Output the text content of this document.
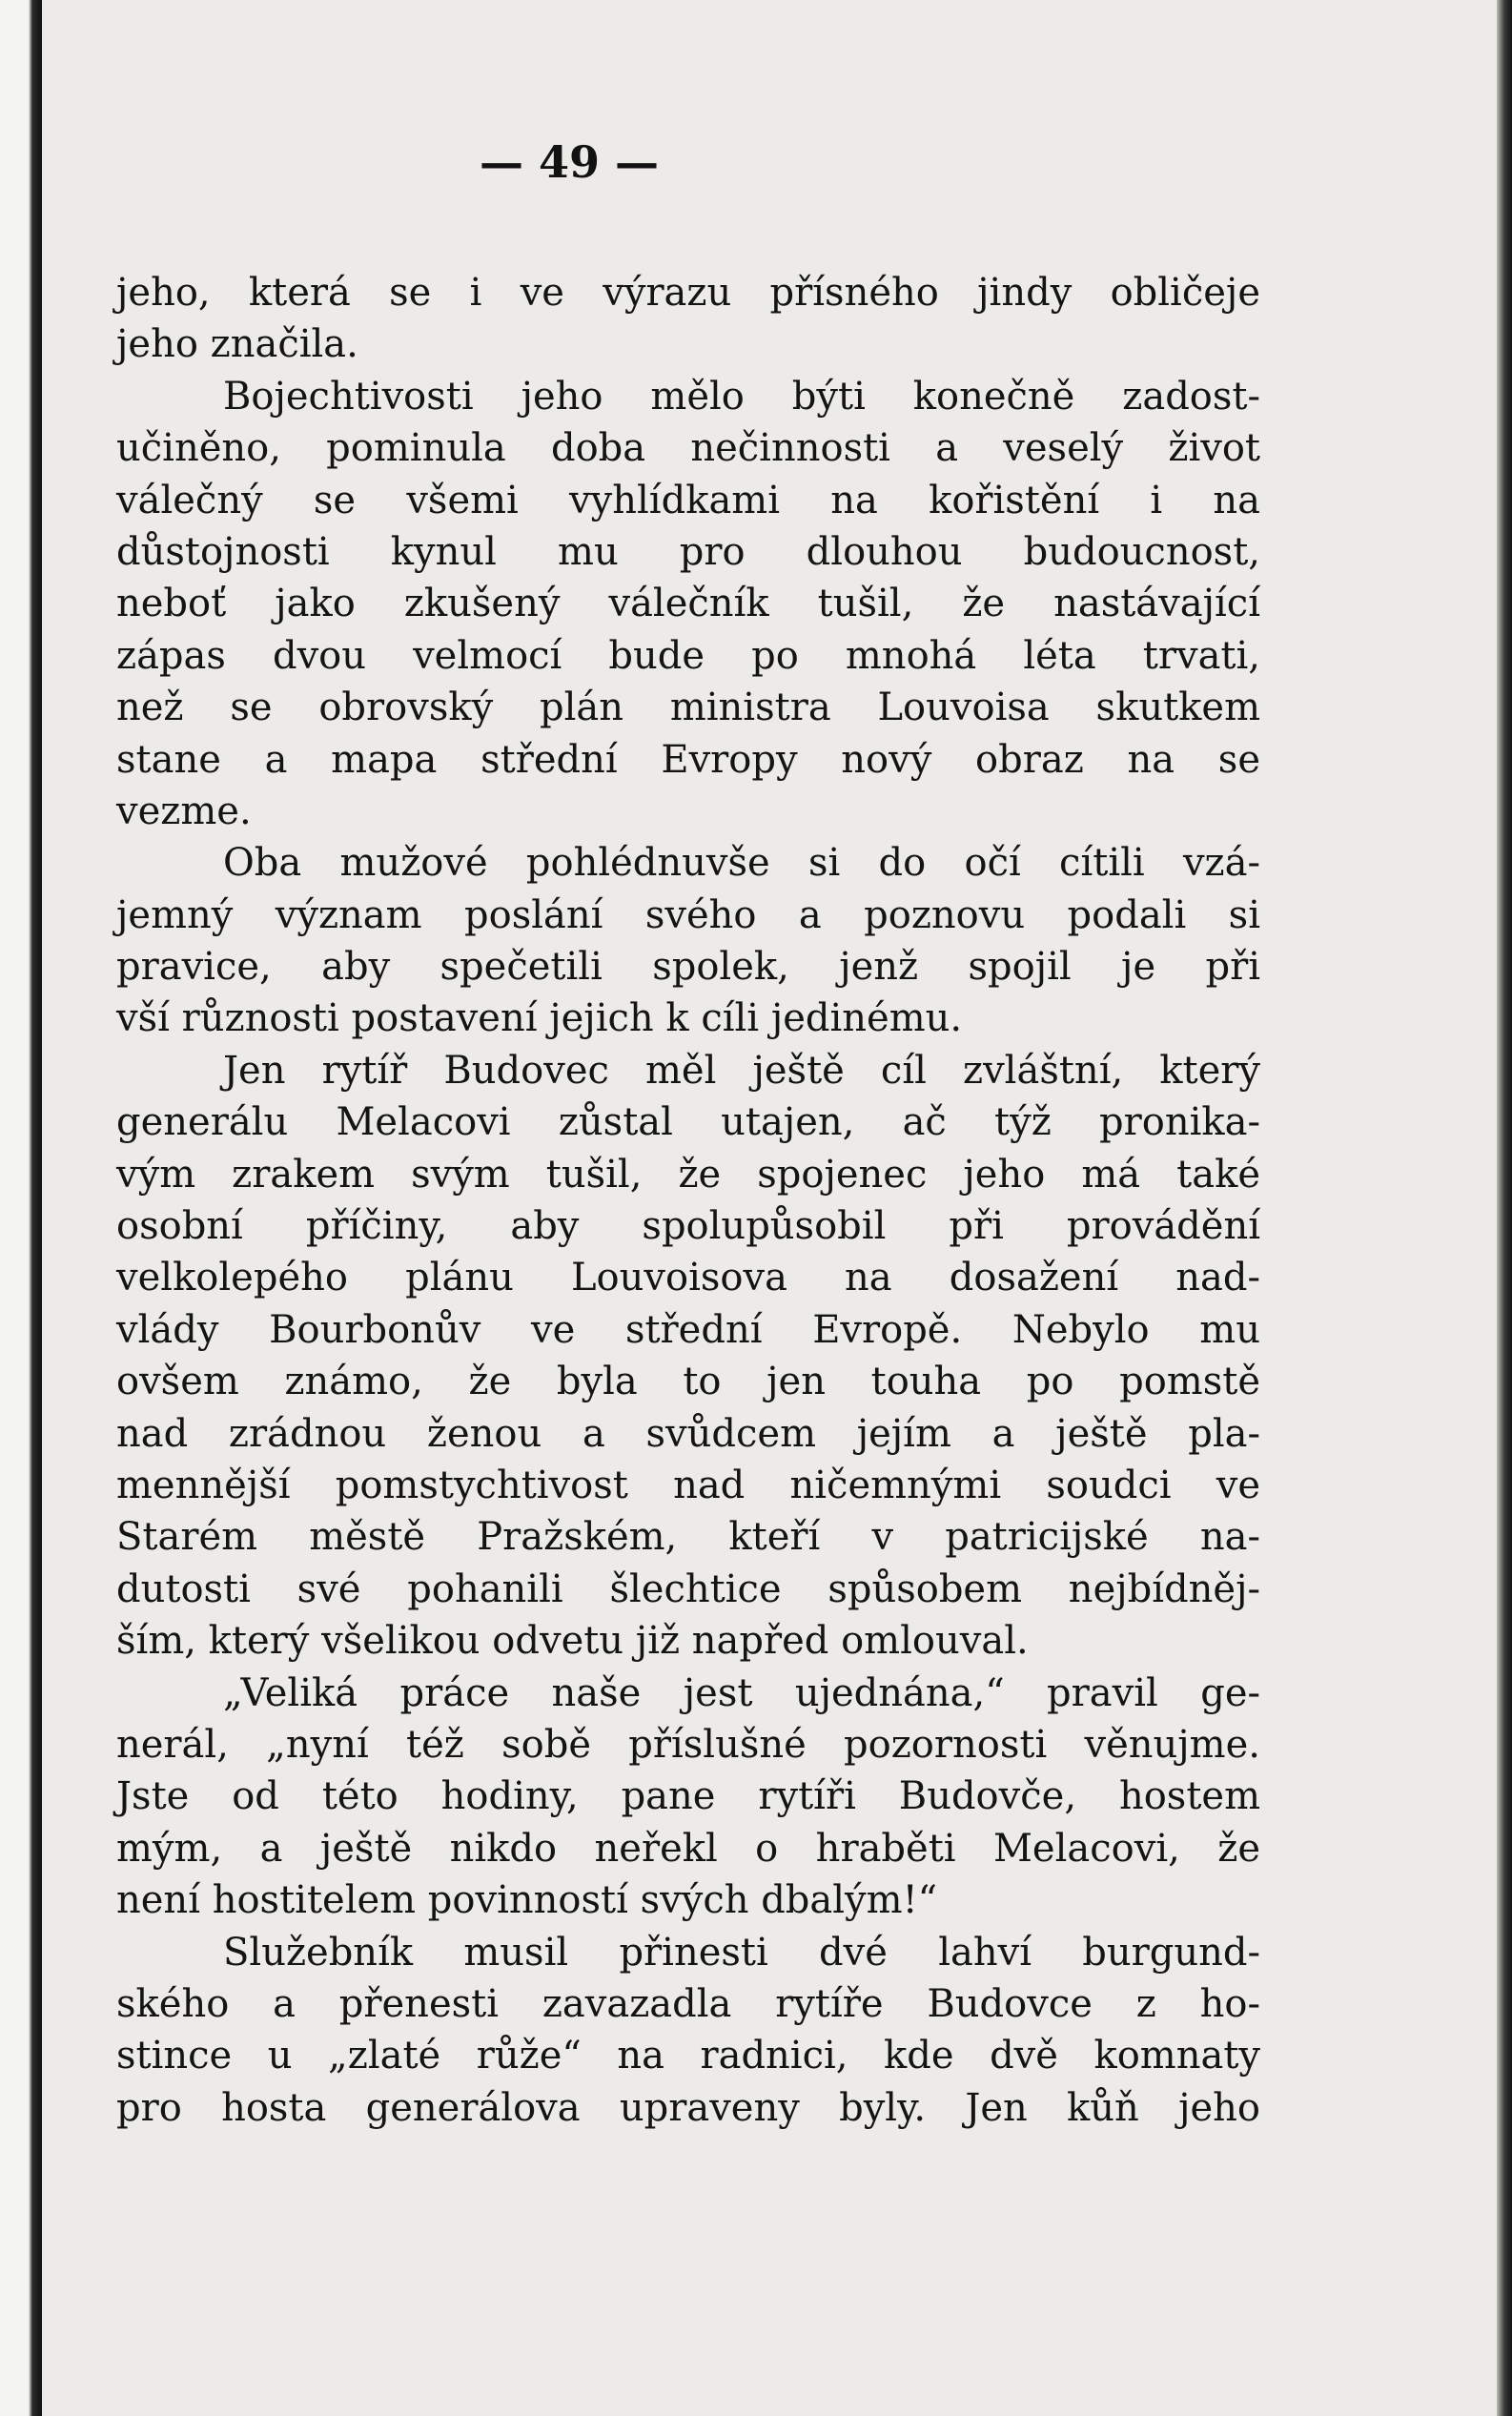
— 49 —
jeho, která se i ve výrazu přísného jindy obličeje
jeho značila.
Bojechtivosti jeho mělo býti konečně zadost-
učiněno, pominula doba nečinnosti a veselý život
válečný se všemi vyhlídkami na kořistění i na
důstojnosti kynul mu pro dlouhou budoucnost,
neboť jako zkušený válečník tušil, že nastávající
zápas dvou velmocí bude po mnohá léta trvati,
než se obrovský plán ministra Louvoisa skutkem
stane a mapa střední Evropy nový obraz na se
vezme.
Oba mužové pohlédnuvše si do očí cítili vzá-
jemný význam poslání svého a poznovu podali si
pravice, aby spečetili spolek, jenž spojil je při
vší různosti postavení jejich k cíli jedinému.
Jen rytíř Budovec měl ještě cíl zvláštní, který
generálu Melacovi zůstal utajen, ač týž pronika-
vým zrakem svým tušil, že spojenec jeho má také
osobní příčiny, aby spolupůsobil při provádění
velkolepého plánu Louvoisova na dosažení nad-
vlády Bourbonův ve střední Evropě. Nebylo mu
ovšem známo, že byla to jen touha po pomstě
nad zrádnou ženou a svůdcem jejím a ještě pla-
mennější pomstychtivost nad ničemnými soudci ve
Starém městě Pražském, kteří v patricijské na-
dutosti své pohanili šlechtice spůsobem nejbídněj-
ším, který všelikou odvetu již napřed omlouval.
„Veliká práce naše jest ujednána,“ pravil ge-
nerál, „nyní též sobě příslušné pozornosti věnujme.
Jste od této hodiny, pane rytíři Budovče, hostem
mým, a ještě nikdo neřekl o hraběti Melacovi, že
není hostitelem povinností svých dbalým!“
Služebník musil přinesti dvé lahví burgund-
ského a přenesti zavazadla rytíře Budovce z ho-
stince u „zlaté růže“ na radnici, kde dvě komnaty
pro hosta generálova upraveny byly. Jen kůň jeho
